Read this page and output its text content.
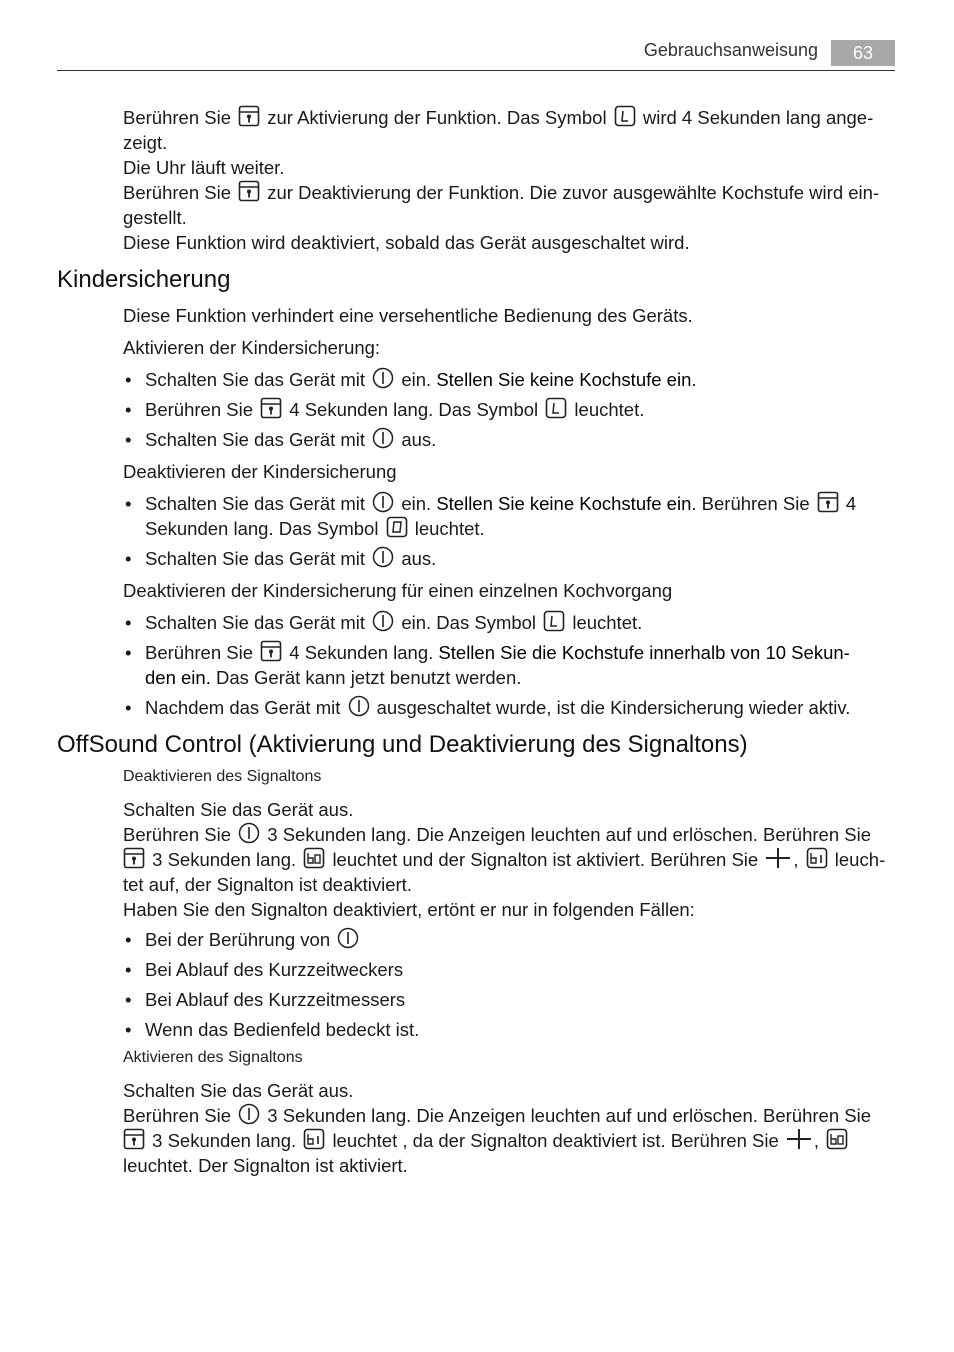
Gebrauchsanweisung	63

Berühren Sie zur Aktivierung der Funktion. Das Symbol wird 4 Sekunden lang ange-

zeigt.

Die Uhr läuft weiter.

Berühren Sie zur Deaktivierung der Funktion. Die zuvor ausgewählte Kochstufe wird ein-

gestellt.

Diese Funktion wird deaktiviert, sobald das Gerät ausgeschaltet wird.

Kindersicherung
Diese Funktion verhindert eine versehentliche Bedienung des Geräts.
Aktivieren der Kindersicherung:
• Schalten Sie das Gerät mit ein. Stellen Sie keine Kochstufe ein.
• Berühren Sie 4 Sekunden lang. Das Symbol leuchtet.
• Schalten Sie das Gerät mit aus.
Deaktivieren der Kindersicherung
• Schalten Sie das Gerät mit ein. Stellen Sie keine Kochstufe ein. Berühren Sie 4
Sekunden lang. Das Symbol leuchtet.
• Schalten Sie das Gerät mit aus.
Deaktivieren der Kindersicherung für einen einzelnen Kochvorgang
• Schalten Sie das Gerät mit ein. Das Symbol leuchtet.
• Berühren Sie 4 Sekunden lang. Stellen Sie die Kochstufe innerhalb von 10 Sekun-
den ein. Das Gerät kann jetzt benutzt werden.
• Nachdem das Gerät mit ausgeschaltet wurde, ist die Kindersicherung wieder aktiv.
OffSound Control (Aktivierung und Deaktivierung des Signaltons)
Deaktivieren des Signaltons

Schalten Sie das Gerät aus.

Berühren Sie 3 Sekunden lang. Die Anzeigen leuchten auf und erlöschen. Berühren Sie

3 Sekunden lang. leuchtet und der Signalton ist aktiviert. Berühren Sie , leuch-

tet auf, der Signalton ist deaktiviert.

Haben Sie den Signalton deaktiviert, ertönt er nur in folgenden Fällen:

• Bei der Berührung von
• Bei Ablauf des Kurzzeitweckers
• Bei Ablauf des Kurzzeitmessers
• Wenn das Bedienfeld bedeckt ist.
Aktivieren des Signaltons

Schalten Sie das Gerät aus.

Berühren Sie 3 Sekunden lang. Die Anzeigen leuchten auf und erlöschen. Berühren Sie

3 Sekunden lang. leuchtet , da der Signalton deaktiviert ist. Berühren Sie ,

leuchtet. Der Signalton ist aktiviert.
